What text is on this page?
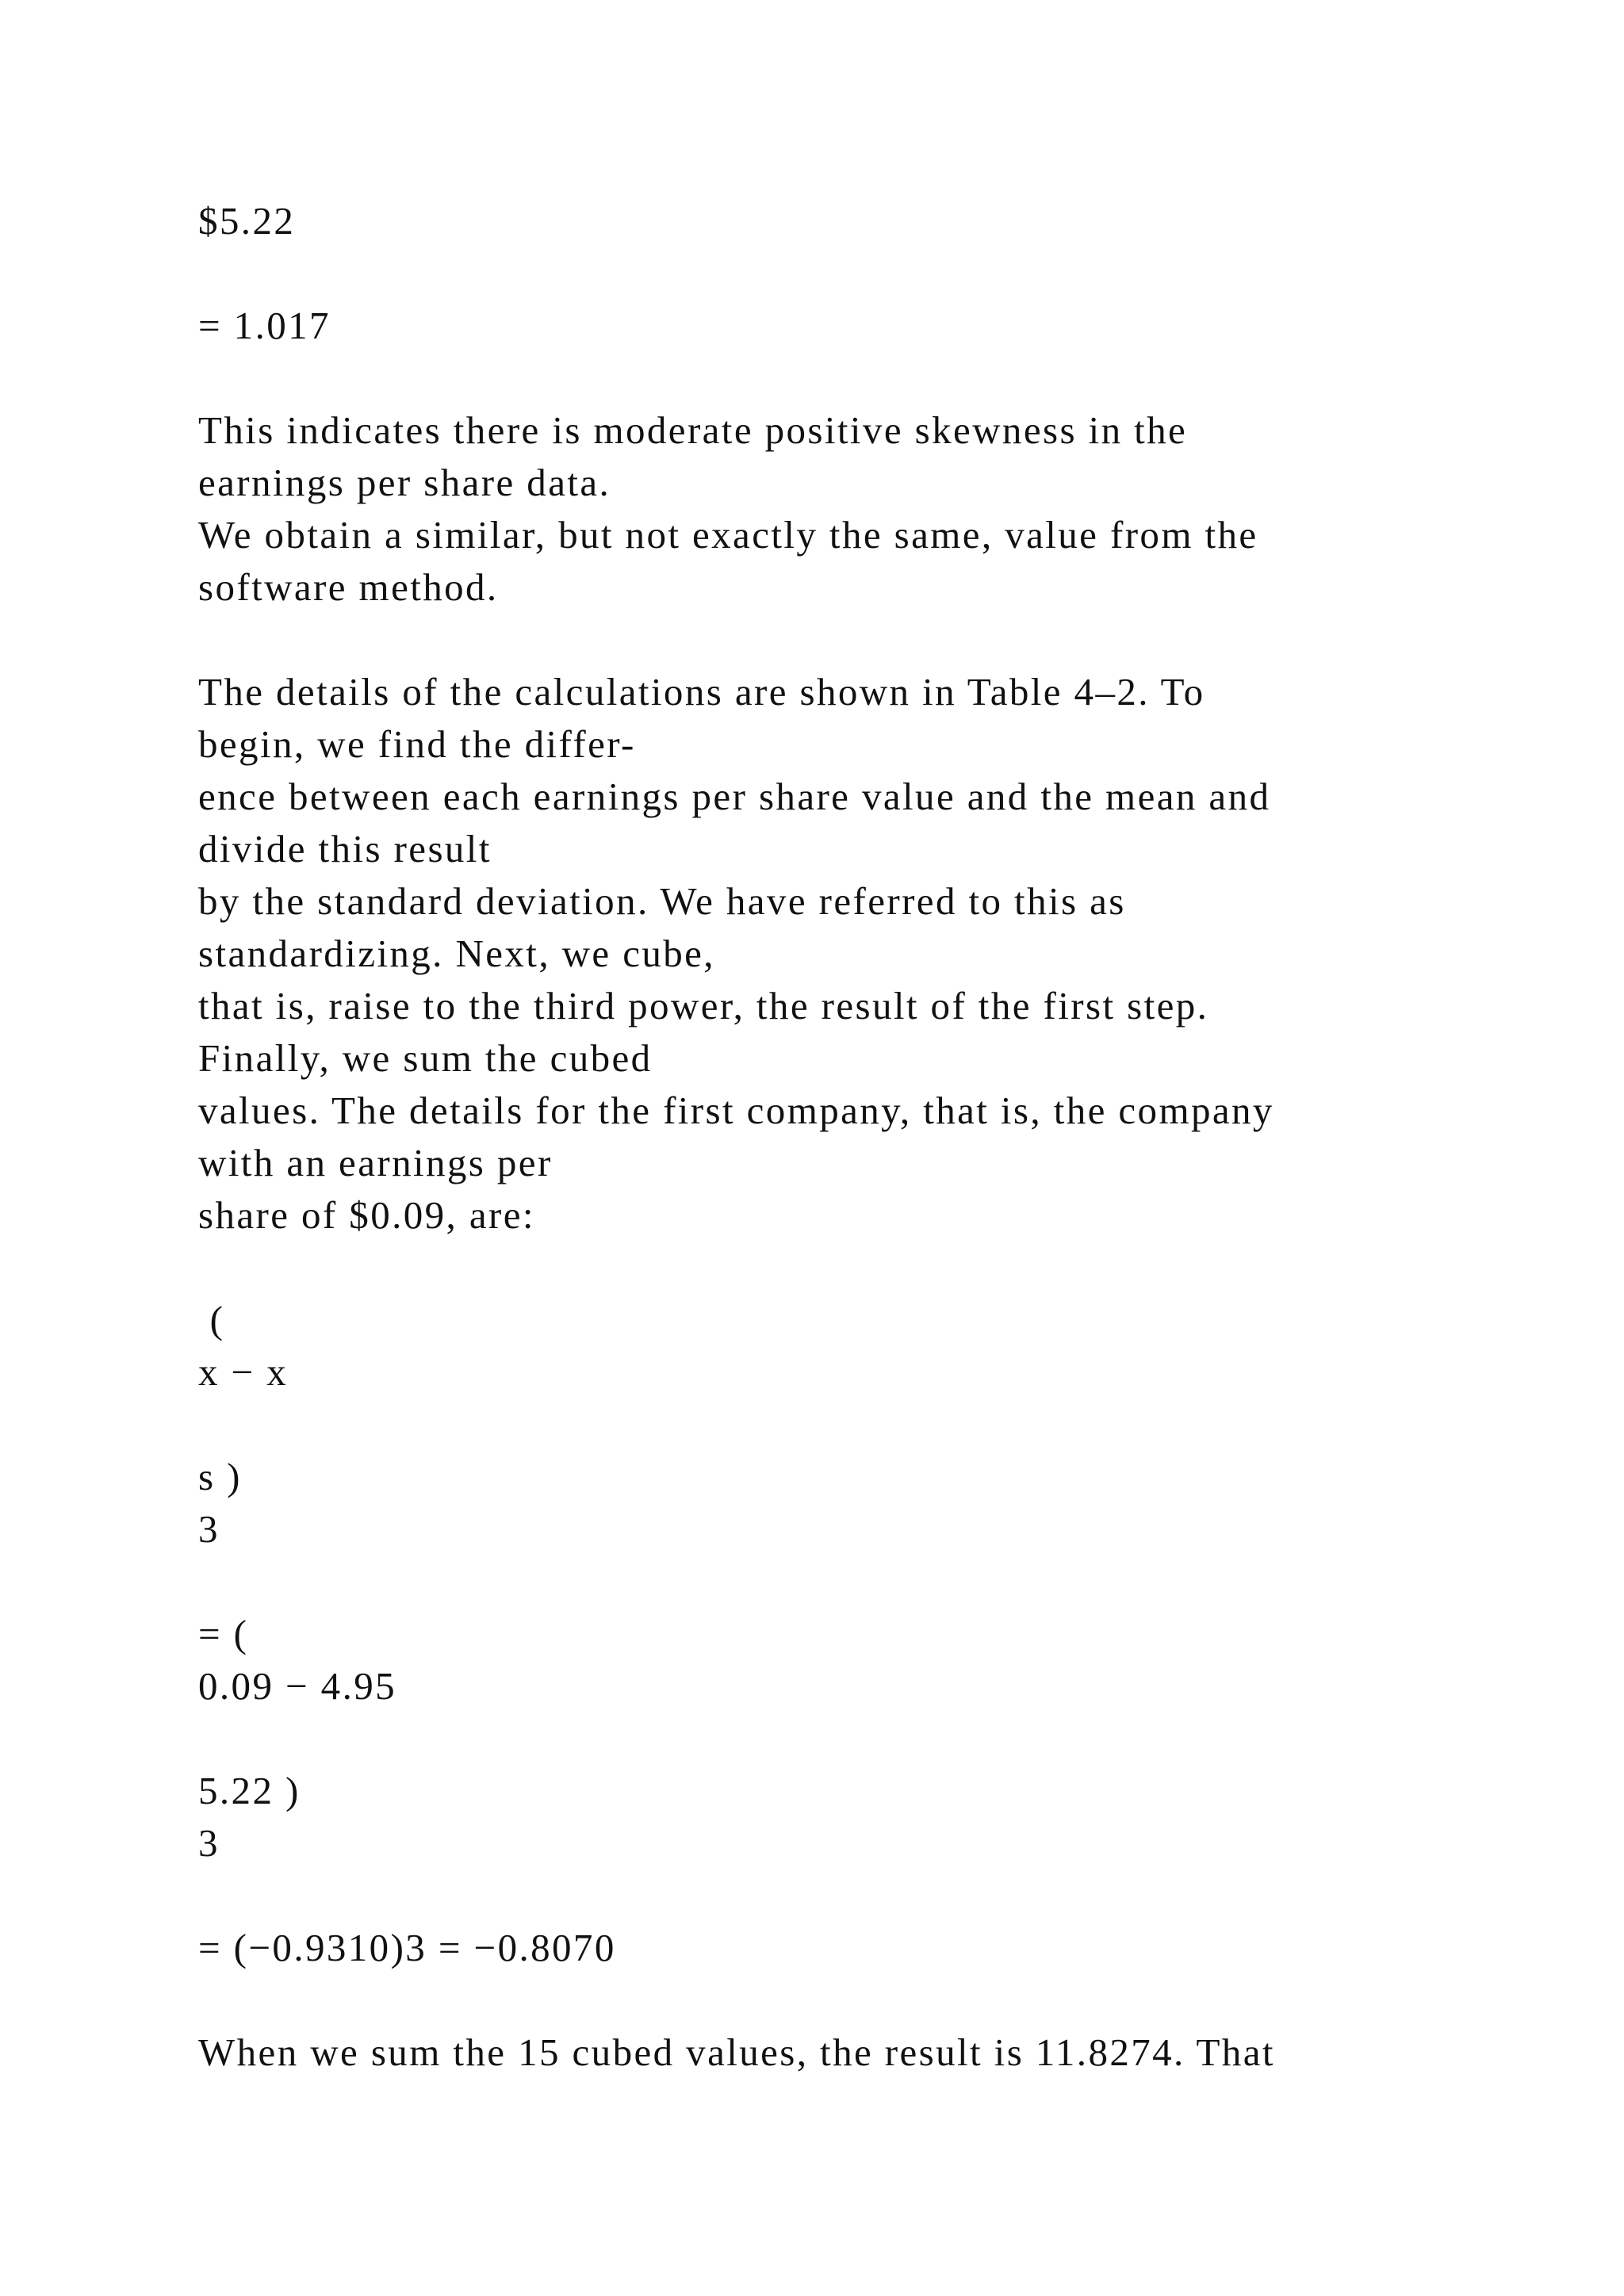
$5.22
= 1.017
This indicates there is moderate positive skewness in the
earnings per share data.
We obtain a similar, but not exactly the same, value from the
software method.
The details of the calculations are shown in Table 4–2. To
begin, we find the differ-
ence between each earnings per share value and the mean and
divide this result
by the standard deviation. We have referred to this as
standardizing. Next, we cube,
that is, raise to the third power, the result of the first step.
Finally, we sum the cubed
values. The details for the first company, that is, the company
with an earnings per
share of $0.09, are:
(
x − x
s )
3
= (
0.09 − 4.95
5.22 )
3
= (−0.9310)3 = −0.8070
When we sum the 15 cubed values, the result is 11.8274. That
